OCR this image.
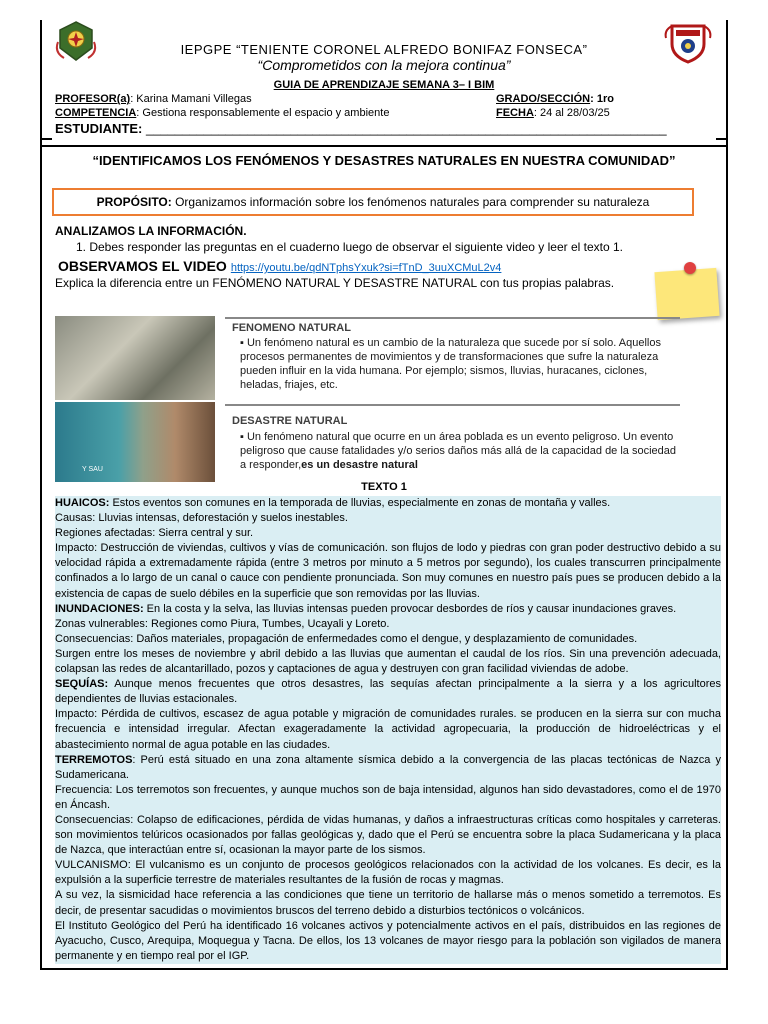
IEPGPE “TENIENTE CORONEL ALFREDO BONIFAZ FONSECA”
“Comprometidos con la mejora continua”
GUIA DE APRENDIZAJE SEMANA 3– I BIM
PROFESOR(a): Karina Mamani Villegas	GRADO/SECCIÓN: 1ro
COMPETENCIA: Gestiona responsablemente el espacio y ambiente	FECHA: 24 al 28/03/25
ESTUDIANTE: ________________________________________________________________________
“IDENTIFICAMOS LOS FENÓMENOS Y DESASTRES NATURALES EN NUESTRA COMUNIDAD”
PROPÓSITO: Organizamos información sobre los fenómenos naturales para comprender su naturaleza
ANALIZAMOS LA INFORMACIÓN.
1. Debes responder las preguntas en el cuaderno luego de observar el siguiente video y leer el texto 1.
OBSERVAMOS EL VIDEO https://youtu.be/qdNTphsYxuk?si=fTnD_3uuXCMuL2v4
Explica la diferencia entre un FENÓMENO NATURAL Y DESASTRE NATURAL con tus propias palabras.
Y SAU
FENOMENO NATURAL
▪ Un fenómeno natural es un cambio de la naturaleza que sucede por sí solo. Aquellos procesos permanentes de movimientos y de transformaciones que sufre la naturaleza pueden influir en la vida humana. Por ejemplo; sismos, lluvias, huracanes, ciclones, heladas, friajes, etc.
DESASTRE NATURAL
▪ Un fenómeno natural que ocurre en un área poblada es un evento peligroso. Un evento peligroso que cause fatalidades y/o serios daños más allá de la capacidad de la sociedad a responder,es un desastre natural
TEXTO 1

HUAICOS: Estos eventos son comunes en la temporada de lluvias, especialmente en zonas de montaña y valles.

Causas: Lluvias intensas, deforestación y suelos inestables.

Regiones afectadas: Sierra central y sur.

Impacto: Destrucción de viviendas, cultivos y vías de comunicación. son flujos de lodo y piedras con gran poder destructivo debido a su velocidad rápida a extremadamente rápida (entre 3 metros por minuto a 5 metros por segundo), los cuales transcurren principalmente confinados a lo largo de un canal o cauce con pendiente pronunciada. Son muy comunes en nuestro país pues se producen debido a la existencia de capas de suelo débiles en la superficie que son removidas por las lluvias.

INUNDACIONES: En la costa y la selva, las lluvias intensas pueden provocar desbordes de ríos y causar inundaciones graves.

Zonas vulnerables: Regiones como Piura, Tumbes, Ucayali y Loreto.

Consecuencias: Daños materiales, propagación de enfermedades como el dengue, y desplazamiento de comunidades.

Surgen entre los meses de noviembre y abril debido a las lluvias que aumentan el caudal de los ríos. Sin una prevención adecuada, colapsan las redes de alcantarillado, pozos y captaciones de agua y destruyen con gran facilidad viviendas de adobe.

SEQUÍAS: Aunque menos frecuentes que otros desastres, las sequías afectan principalmente a la sierra y a los agricultores dependientes de lluvias estacionales.

Impacto: Pérdida de cultivos, escasez de agua potable y migración de comunidades rurales. se producen en la sierra sur con mucha frecuencia e intensidad irregular. Afectan exageradamente la actividad agropecuaria, la producción de hidroeléctricas y el abastecimiento normal de agua potable en las ciudades.

TERREMOTOS: Perú está situado en una zona altamente sísmica debido a la convergencia de las placas tectónicas de Nazca y Sudamericana.

Frecuencia: Los terremotos son frecuentes, y aunque muchos son de baja intensidad, algunos han sido devastadores, como el de 1970 en Áncash.

Consecuencias: Colapso de edificaciones, pérdida de vidas humanas, y daños a infraestructuras críticas como hospitales y carreteras. son movimientos telúricos ocasionados por fallas geológicas y, dado que el Perú se encuentra sobre la placa Sudamericana y la placa de Nazca, que interactúan entre sí, ocasionan la mayor parte de los sismos.

VULCANISMO: El vulcanismo es un conjunto de procesos geológicos relacionados con la actividad de los volcanes. Es decir, es la expulsión a la superficie terrestre de materiales resultantes de la fusión de rocas y magmas.

A su vez, la sismicidad hace referencia a las condiciones que tiene un territorio de hallarse más o menos sometido a terremotos. Es decir, de presentar sacudidas o movimientos bruscos del terreno debido a disturbios tectónicos o volcánicos.

El Instituto Geológico del Perú ha identificado 16 volcanes activos y potencialmente activos en el país, distribuidos en las regiones de Ayacucho, Cusco, Arequipa, Moquegua y Tacna. De ellos, los 13 volcanes de mayor riesgo para la población son vigilados de manera permanente y en tiempo real por el IGP.
